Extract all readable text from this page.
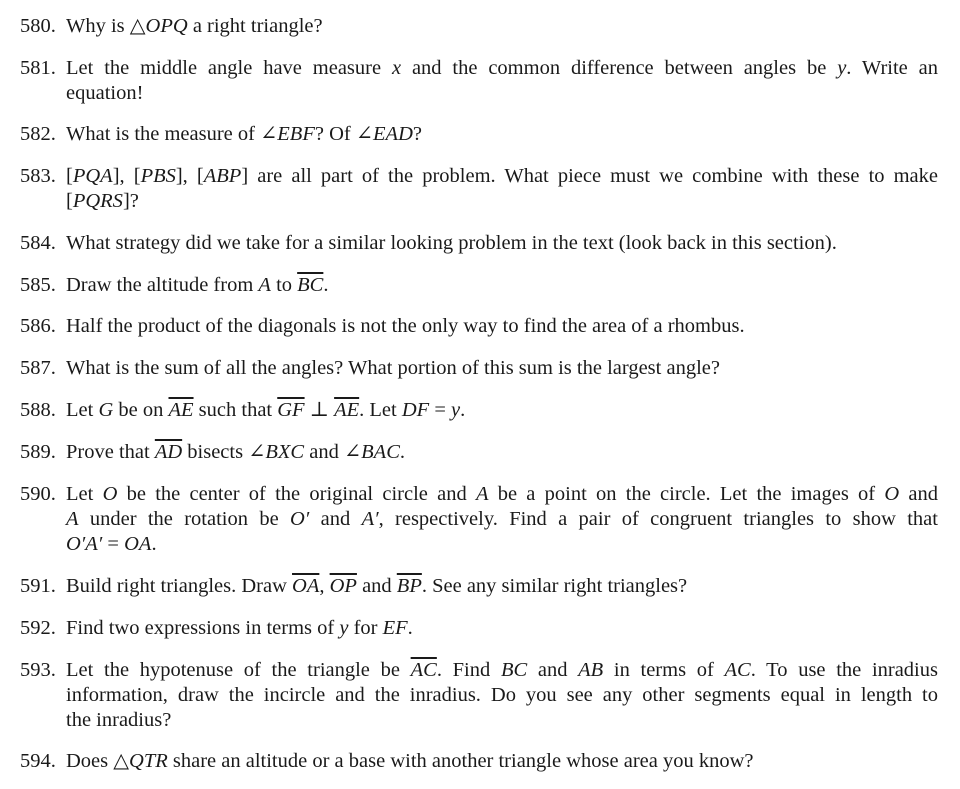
580. Why is △OPQ a right triangle?
581. Let the middle angle have measure x and the common difference between angles be y. Write an
equation!
582. What is the measure of ∠EBF? Of ∠EAD?
583. [PQA], [PBS], [ABP] are all part of the problem. What piece must we combine with these to make
[PQRS]?
584. What strategy did we take for a similar looking problem in the text (look back in this section).
585. Draw the altitude from A to $\overline{BC}$.
586. Half the product of the diagonals is not the only way to find the area of a rhombus.
587. What is the sum of all the angles? What portion of this sum is the largest angle?
588. Let G be on $\overline{AE}$ such that $\overline{GF}$ ⊥ $\overline{AE}$. Let DF = y.
589. Prove that $\overline{AD}$ bisects ∠BXC and ∠BAC.
590. Let O be the center of the original circle and A be a point on the circle. Let the images of O and
A under the rotation be O′ and A′, respectively. Find a pair of congruent triangles to show that
O′A′ = OA.
591. Build right triangles. Draw $\overline{OA}$, $\overline{OP}$ and $\overline{BP}$. See any similar right triangles?
592. Find two expressions in terms of y for EF.
593. Let the hypotenuse of the triangle be $\overline{AC}$. Find BC and AB in terms of AC. To use the inradius
information, draw the incircle and the inradius. Do you see any other segments equal in length to
the inradius?
594. Does △QTR share an altitude or a base with another triangle whose area you know?
